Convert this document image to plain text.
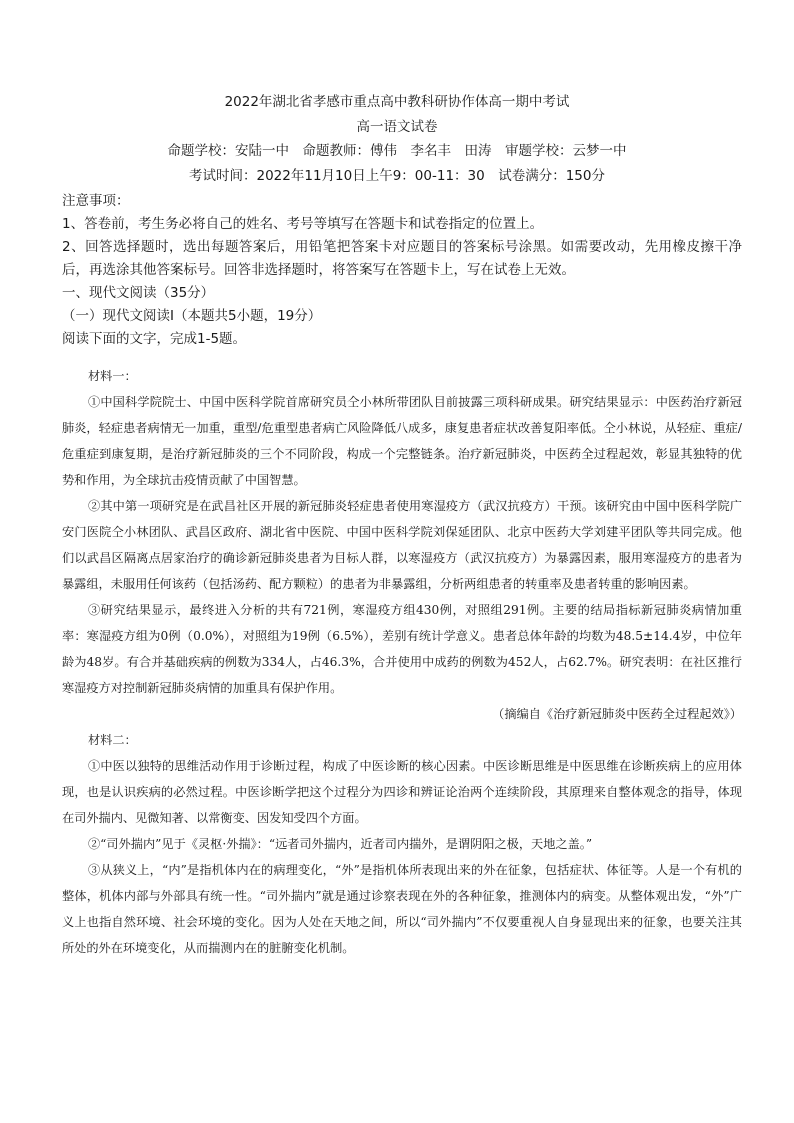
2022年湖北省孝感市重点高中教科研协作体高一期中考试
高一语文试卷
命题学校：安陆一中　命题教师：傅伟　李名丰　田涛　审题学校：云梦一中
考试时间：2022年11月10日上午9：00-11：30　试卷满分：150分

注意事项：

1、答卷前，考生务必将自己的姓名、考号等填写在答题卡和试卷指定的位置上。

2、回答选择题时，选出每题答案后，用铅笔把答案卡对应题目的答案标号涂黑。如需要改动，先用橡皮擦干净后，再选涂其他答案标号。回答非选择题时，将答案写在答题卡上，写在试卷上无效。

一、现代文阅读（35分）

（一）现代文阅读Ⅰ（本题共5小题，19分）

阅读下面的文字，完成1-5题。

材料一：

①中国科学院院士、中国中医科学院首席研究员仝小林所带团队目前披露三项科研成果。研究结果显示：中医药治疗新冠肺炎，轻症患者病情无一加重，重型/危重型患者病亡风险降低八成多，康复患者症状改善复阳率低。仝小林说，从轻症、重症/危重症到康复期，是治疗新冠肺炎的三个不同阶段，构成一个完整链条。治疗新冠肺炎，中医药全过程起效，彰显其独特的优势和作用，为全球抗击疫情贡献了中国智慧。

②其中第一项研究是在武昌社区开展的新冠肺炎轻症患者使用寒湿疫方（武汉抗疫方）干预。该研究由中国中医科学院广安门医院仝小林团队、武昌区政府、湖北省中医院、中国中医科学院刘保延团队、北京中医药大学刘建平团队等共同完成。他们以武昌区隔离点居家治疗的确诊新冠肺炎患者为目标人群，以寒湿疫方（武汉抗疫方）为暴露因素，服用寒湿疫方的患者为暴露组，未服用任何该药（包括汤药、配方颗粒）的患者为非暴露组，分析两组患者的转重率及患者转重的影响因素。

③研究结果显示，最终进入分析的共有721例，寒湿疫方组430例，对照组291例。主要的结局指标新冠肺炎病情加重率：寒湿疫方组为0例（0.0%），对照组为19例（6.5%），差别有统计学意义。患者总体年龄的均数为48.5±14.4岁，中位年龄为48岁。有合并基础疾病的例数为334人，占46.3%，合并使用中成药的例数为452人，占62.7%。研究表明：在社区推行寒湿疫方对控制新冠肺炎病情的加重具有保护作用。

（摘编自《治疗新冠肺炎中医药全过程起效》）

材料二：

①中医以独特的思维活动作用于诊断过程，构成了中医诊断的核心因素。中医诊断思维是中医思维在诊断疾病上的应用体现，也是认识疾病的必然过程。中医诊断学把这个过程分为四诊和辨证论治两个连续阶段，其原理来自整体观念的指导，体现在司外揣内、见微知著、以常衡变、因发知受四个方面。

②“司外揣内”见于《灵枢·外揣》：“远者司外揣内，近者司内揣外，是谓阴阳之极，天地之盖。”

③从狭义上，“内”是指机体内在的病理变化，“外”是指机体所表现出来的外在征象，包括症状、体征等。人是一个有机的整体，机体内部与外部具有统一性。“司外揣内”就是通过诊察表现在外的各种征象，推测体内的病变。从整体观出发，“外”广义上也指自然环境、社会环境的变化。因为人处在天地之间，所以“司外揣内”不仅要重视人自身显现出来的征象，也要关注其所处的外在环境变化，从而揣测内在的脏腑变化机制。
